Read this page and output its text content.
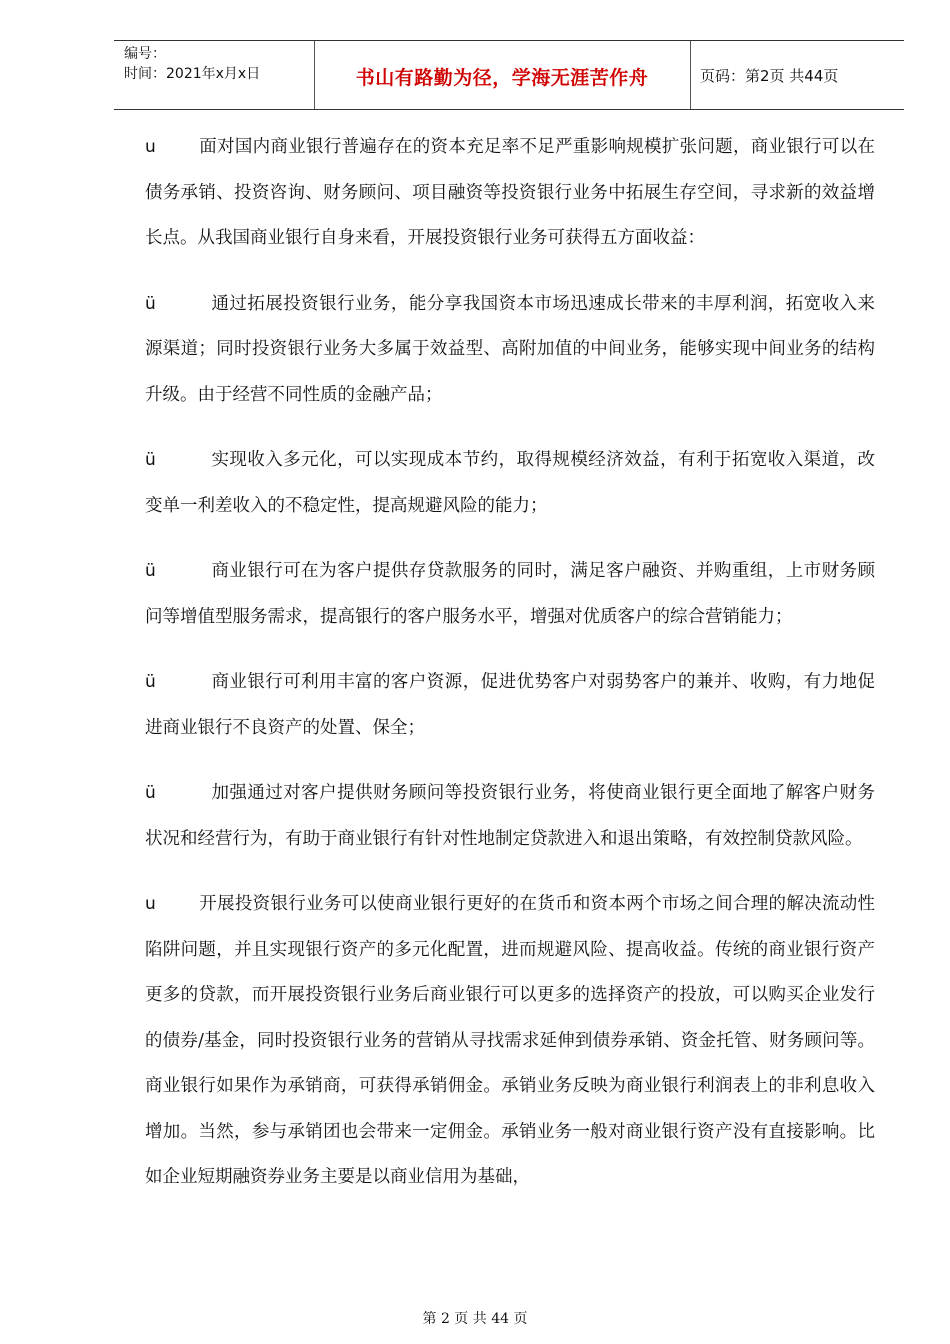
编号：
时间：2021年x月x日	书山有路勤为径，学海无涯苦作舟	页码：第2页 共44页

u 面对国内商业银行普遍存在的资本充足率不足严重影响规模扩张问题，商业银行可以在债务承销、投资咨询、财务顾问、项目融资等投资银行业务中拓展生存空间，寻求新的效益增长点。从我国商业银行自身来看，开展投资银行业务可获得五方面收益：

ü	通过拓展投资银行业务，能分享我国资本市场迅速成长带来的丰厚利润，拓宽收入来源渠道；同时投资银行业务大多属于效益型、高附加值的中间业务，能够实现中间业务的结构升级。由于经营不同性质的金融产品；

ü	实现收入多元化，可以实现成本节约，取得规模经济效益，有利于拓宽收入渠道，改变单一利差收入的不稳定性，提高规避风险的能力；

ü	商业银行可在为客户提供存贷款服务的同时，满足客户融资、并购重组，上市财务顾问等增值型服务需求，提高银行的客户服务水平，增强对优质客户的综合营销能力；

ü	商业银行可利用丰富的客户资源，促进优势客户对弱势客户的兼并、收购，有力地促进商业银行不良资产的处置、保全；

ü	加强通过对客户提供财务顾问等投资银行业务，将使商业银行更全面地了解客户财务状况和经营行为，有助于商业银行有针对性地制定贷款进入和退出策略，有效控制贷款风险。

u 开展投资银行业务可以使商业银行更好的在货币和资本两个市场之间合理的解决流动性陷阱问题，并且实现银行资产的多元化配置，进而规避风险、提高收益。传统的商业银行资产更多的贷款，而开展投资银行业务后商业银行可以更多的选择资产的投放，可以购买企业发行的债券/基金，同时投资银行业务的营销从寻找需求延伸到债券承销、资金托管、财务顾问等。商业银行如果作为承销商，可获得承销佣金。承销业务反映为商业银行利润表上的非利息收入增加。当然，参与承销团也会带来一定佣金。承销业务一般对商业银行资产没有直接影响。比如企业短期融资券业务主要是以商业信用为基础，

第 2 页 共 44 页
